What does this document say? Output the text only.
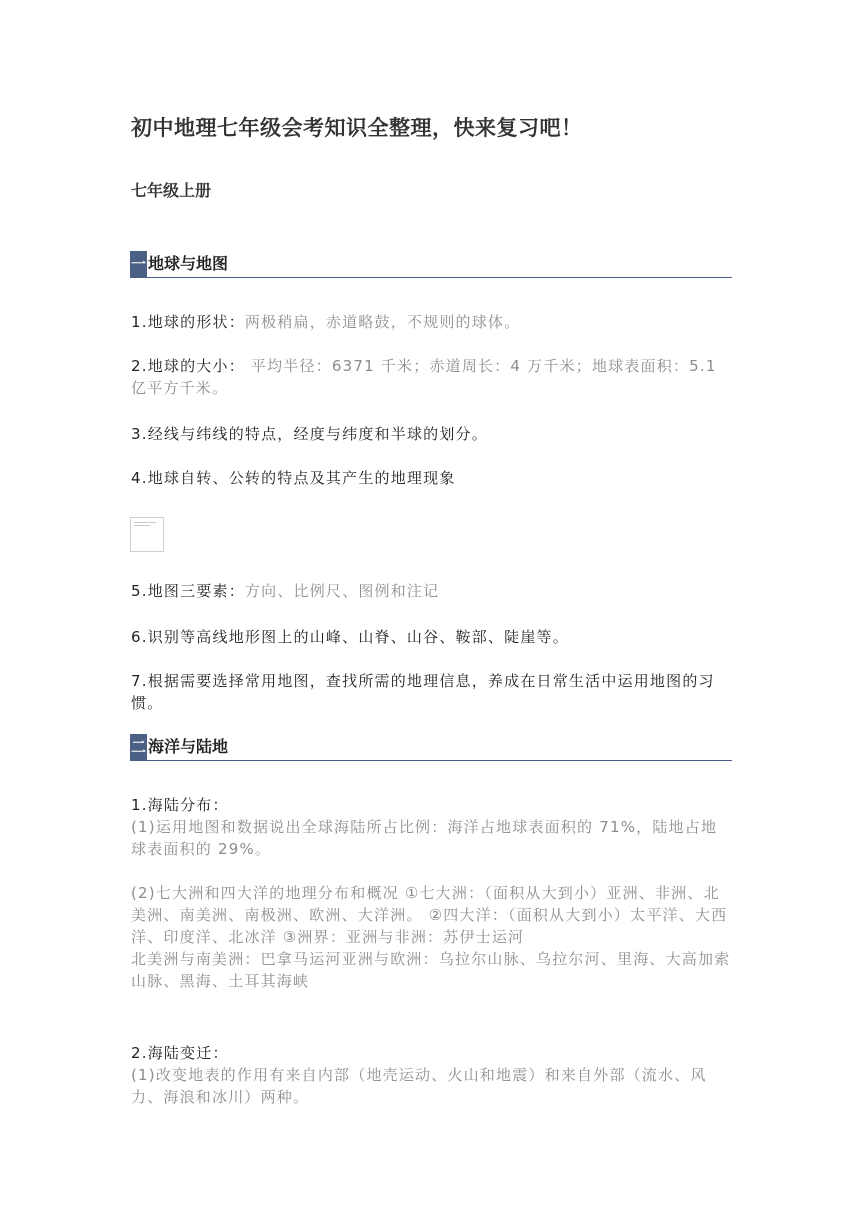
初中地理七年级会考知识全整理，快来复习吧！
七年级上册
一 地球与地图
1.地球的形状：两极稍扁，赤道略鼓，不规则的球体。
2.地球的大小： 平均半径：6371 千米；赤道周长：4 万千米；地球表面积：5.1 亿平方千米。
3.经线与纬线的特点，经度与纬度和半球的划分。
4.地球自转、公转的特点及其产生的地理现象
5.地图三要素：方向、比例尺、图例和注记
6.识别等高线地形图上的山峰、山脊、山谷、鞍部、陡崖等。
7.根据需要选择常用地图，查找所需的地理信息，养成在日常生活中运用地图的习惯。
二 海洋与陆地
1.海陆分布：
(1)运用地图和数据说出全球海陆所占比例：海洋占地球表面积的 71%，陆地占地球表面积的 29%。
(2)七大洲和四大洋的地理分布和概况 ①七大洲：（面积从大到小）亚洲、非洲、北美洲、南美洲、南极洲、欧洲、大洋洲。 ②四大洋：（面积从大到小）太平洋、大西洋、印度洋、北冰洋 ③洲界：亚洲与非洲：苏伊士运河
北美洲与南美洲：巴拿马运河亚洲与欧洲：乌拉尔山脉、乌拉尔河、里海、大高加索山脉、黑海、土耳其海峡
2.海陆变迁：
(1)改变地表的作用有来自内部（地壳运动、火山和地震）和来自外部（流水、风力、海浪和冰川）两种。
